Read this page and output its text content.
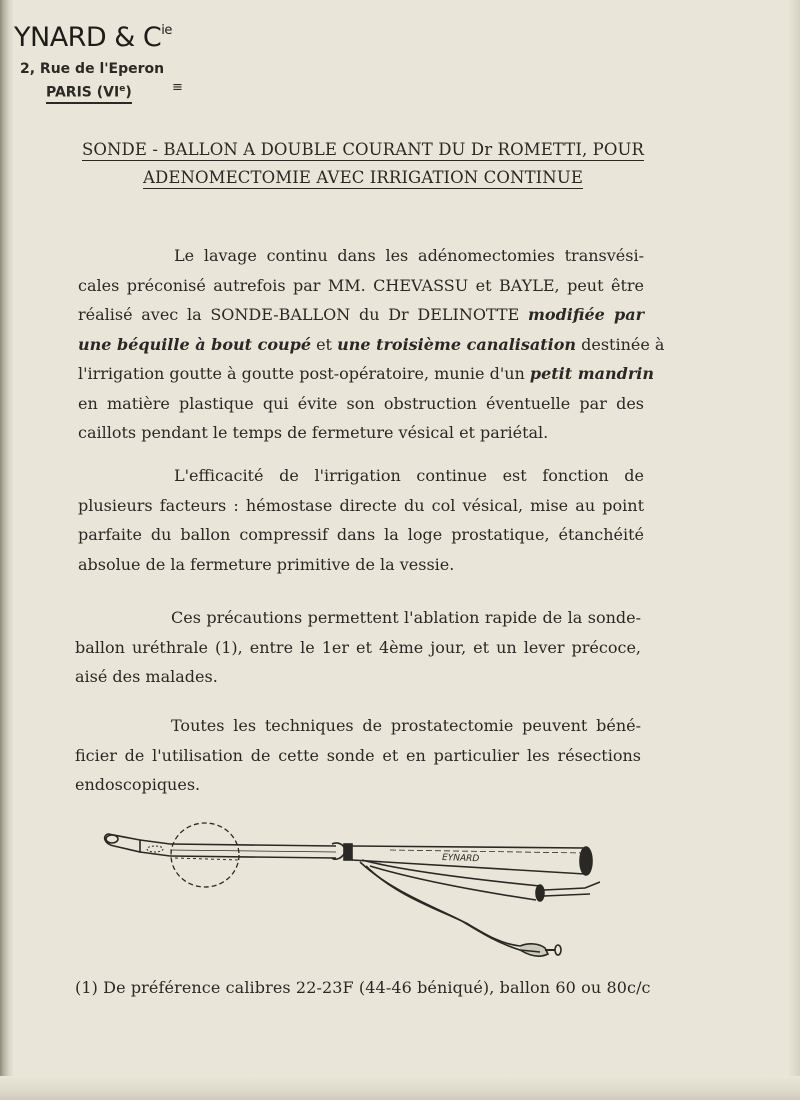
YNARD & $C^{ie}$
2, Rue de l'Eperon
PARIS $(VI^e)$	≡
SONDE - BALLON A DOUBLE COURANT DU Dr ROMETTI, POUR
ADENOMECTOMIE AVEC IRRIGATION CONTINUE
Le lavage continu dans les adénomectomies transvési-
cales préconisé autrefois par MM. CHEVASSU et BAYLE, peut être
réalisé avec la SONDE-BALLON du Dr DELINOTTE modifiée par
une béquille à bout coupé et une troisième canalisation destinée à
l'irrigation goutte à goutte post-opératoire, munie d'un petit mandrin
en matière plastique qui évite son obstruction éventuelle par des
caillots pendant le temps de fermeture vésical et pariétal.
L'efficacité de l'irrigation continue est fonction de
plusieurs facteurs : hémostase directe du col vésical, mise au point
parfaite du ballon compressif dans la loge prostatique, étanchéité
absolue de la fermeture primitive de la vessie.
Ces précautions permettent l'ablation rapide de la sonde-
ballon uréthrale (1), entre le 1er et 4ème jour, et un lever précoce,
aisé des malades.
Toutes les techniques de prostatectomie peuvent béné-
ficier de l'utilisation de cette sonde et en particulier les résections
endoscopiques.
EYNARD
(1) De préférence calibres 22-23F (44-46 béniqué), ballon 60 ou 80c/c
